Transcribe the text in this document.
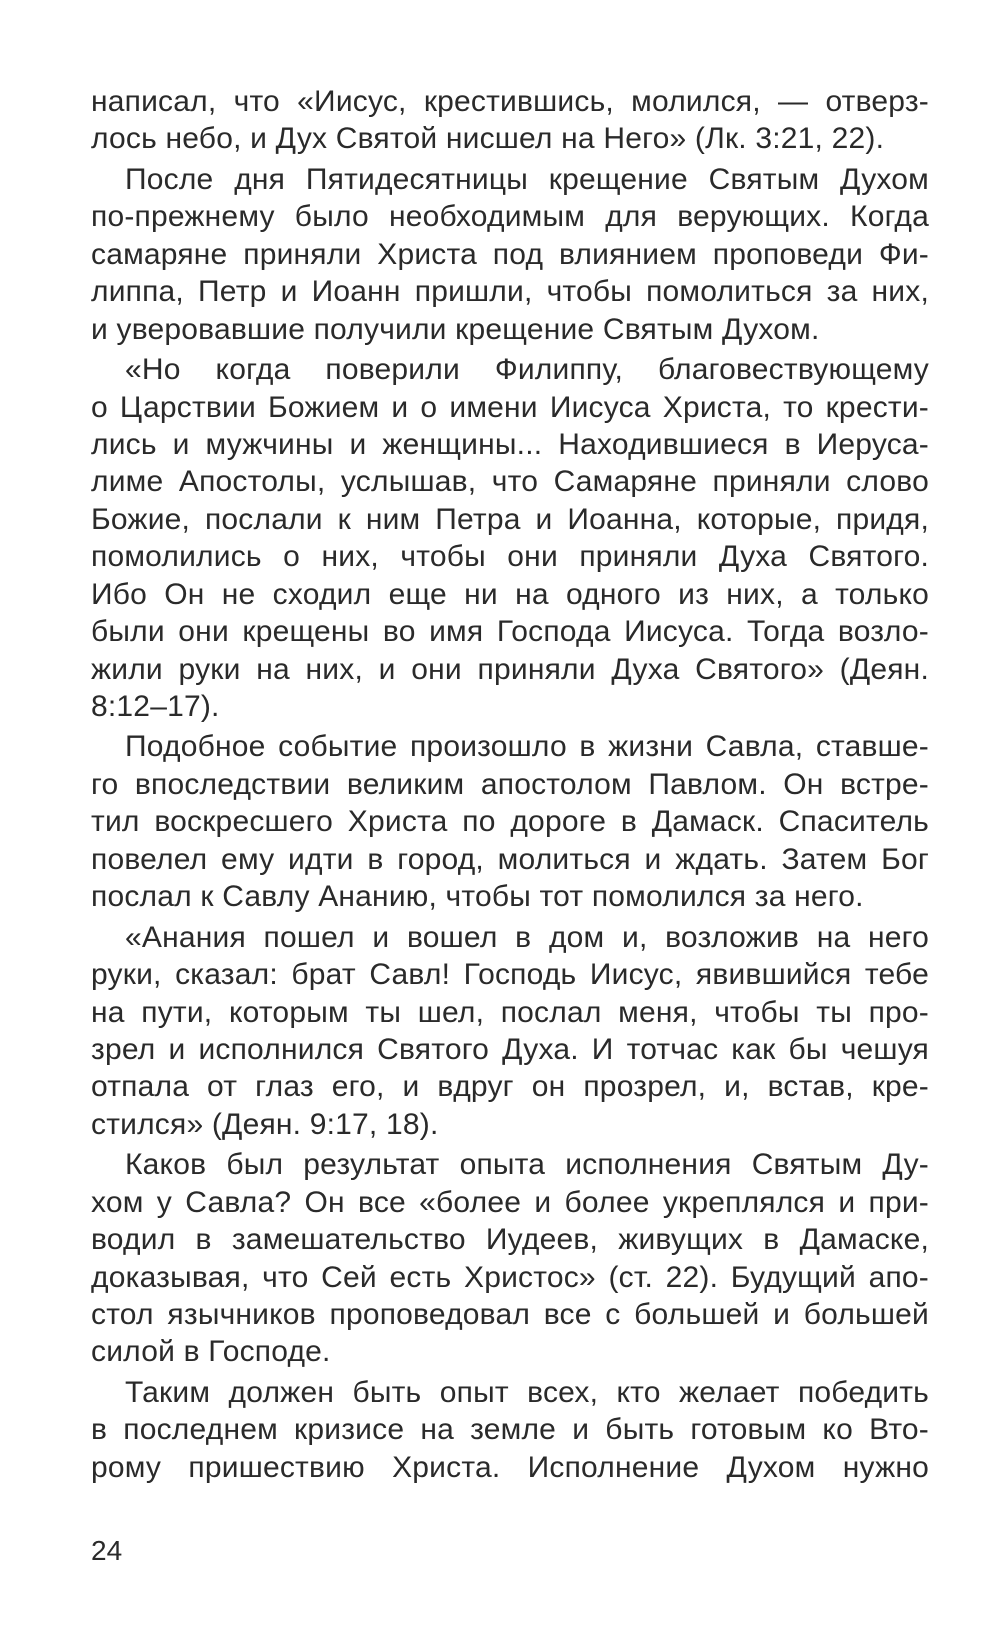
написал, что «Иисус, крестившись, молился, — отверз-
лось небо, и Дух Святой нисшел на Него» (Лк. 3:21, 22).
После дня Пятидесятницы крещение Святым Духом
по-прежнему было необходимым для верующих. Когда
самаряне приняли Христа под влиянием проповеди Фи-
липпа, Петр и Иоанн пришли, чтобы помолиться за них,
и уверовавшие получили крещение Святым Духом.
«Но когда поверили Филиппу, благовествующему
о Царствии Божием и о имени Иисуса Христа, то крести-
лись и мужчины и женщины... Находившиеся в Иеруса-
лиме Апостолы, услышав, что Самаряне приняли слово
Божие, послали к ним Петра и Иоанна, которые, придя,
помолились о них, чтобы они приняли Духа Святого.
Ибо Он не сходил еще ни на одного из них, а только
были они крещены во имя Господа Иисуса. Тогда возло-
жили руки на них, и они приняли Духа Святого» (Деян.
8:12–17).
Подобное событие произошло в жизни Савла, ставше-
го впоследствии великим апостолом Павлом. Он встре-
тил воскресшего Христа по дороге в Дамаск. Спаситель
повелел ему идти в город, молиться и ждать. Затем Бог
послал к Савлу Ананию, чтобы тот помолился за него.
«Анания пошел и вошел в дом и, возложив на него
руки, сказал: брат Савл! Господь Иисус, явившийся тебе
на пути, которым ты шел, послал меня, чтобы ты про-
зрел и исполнился Святого Духа. И тотчас как бы чешуя
отпала от глаз его, и вдруг он прозрел, и, встав, кре-
стился» (Деян. 9:17, 18).
Каков был результат опыта исполнения Святым Ду-
хом у Савла? Он все «более и более укреплялся и при-
водил в замешательство Иудеев, живущих в Дамаске,
доказывая, что Сей есть Христос» (ст. 22). Будущий апо-
стол язычников проповедовал все с большей и большей
силой в Господе.
Таким должен быть опыт всех, кто желает победить
в последнем кризисе на земле и быть готовым ко Вто-
рому пришествию Христа. Исполнение Духом нужно
24
